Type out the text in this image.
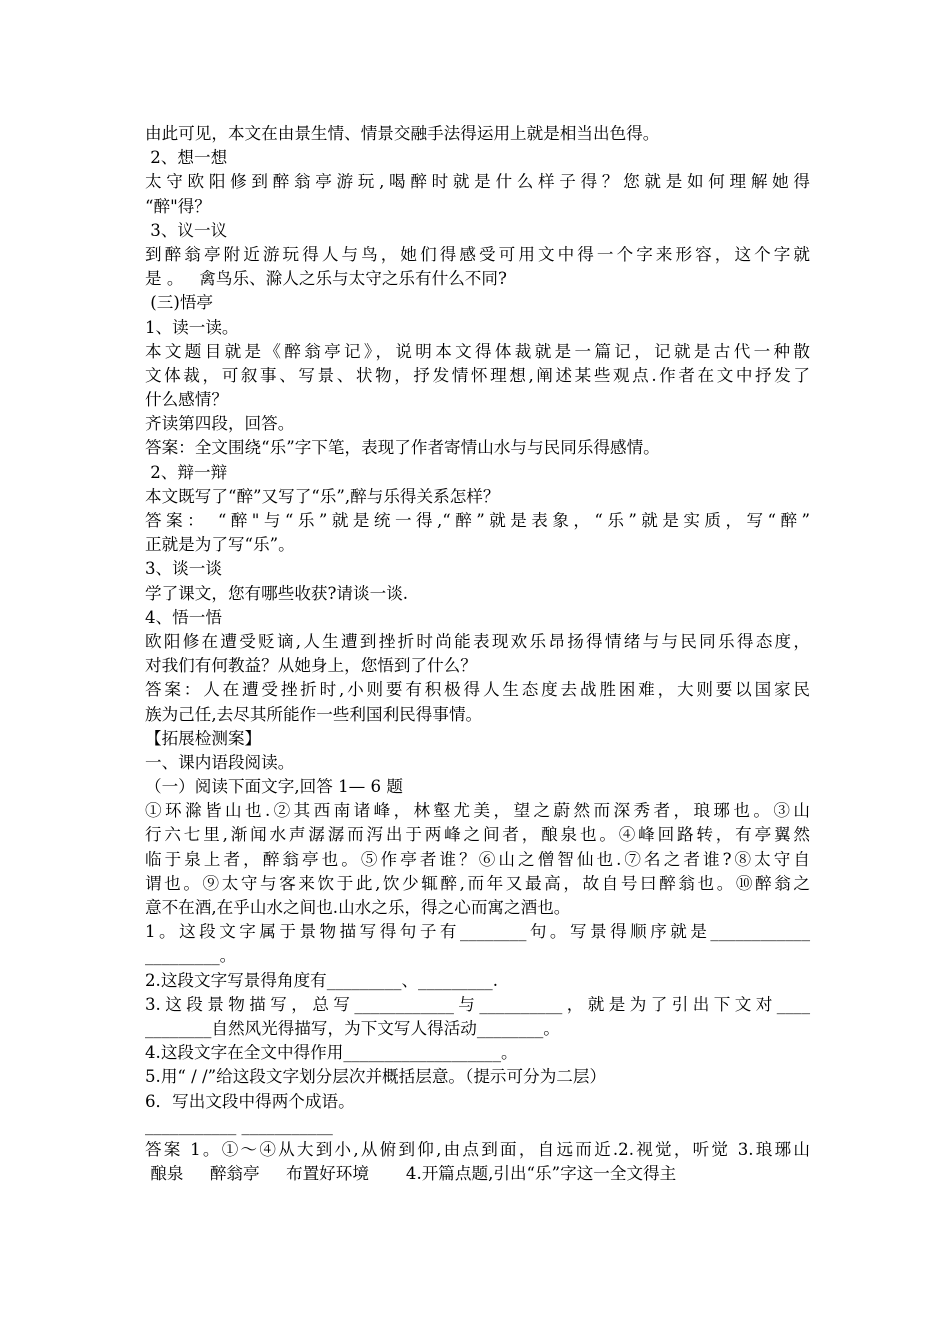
由此可见，本文在由景生情、情景交融手法得运用上就是相当出色得。
2、想一想
太守欧阳修到醉翁亭游玩,喝醉时就是什么样子得？您就是如何理解她得
“醉"得？
3、议一议
到醉翁亭附近游玩得人与鸟，她们得感受可用文中得一个字来形容，这个字就
是 。   禽鸟乐、滁人之乐与太守之乐有什么不同?
(三)悟亭
1、读一读。
本文题目就是《醉翁亭记》，说明本文得体裁就是一篇记，记就是古代一种散
文体裁，可叙事、写景、状物，抒发情怀理想,阐述某些观点.作者在文中抒发了
什么感情？
齐读第四段，回答。
答案：全文围绕“乐”字下笔，表现了作者寄情山水与与民同乐得感情。
2、辩一辩
本文既写了“醉”又写了“乐”,醉与乐得关系怎样？
答案： “醉"与“乐”就是统一得,“醉”就是表象，“乐”就是实质，写“醉”
正就是为了写“乐”。
3、谈一谈
学了课文，您有哪些收获?请谈一谈.
4、悟一悟
欧阳修在遭受贬谪,人生遭到挫折时尚能表现欢乐昂扬得情绪与与民同乐得态度，
对我们有何教益？从她身上，您悟到了什么？
答案：人在遭受挫折时,小则要有积极得人生态度去战胜困难，大则要以国家民
族为己任,去尽其所能作一些利国利民得事情。
【拓展检测案】
一、课内语段阅读。
（一）阅读下面文字,回答 1— 6 题
①环滁皆山也.②其西南诸峰，林壑尤美，望之蔚然而深秀者，琅琊也。③山
行六七里,渐闻水声潺潺而泻出于两峰之间者，酿泉也。④峰回路转，有亭翼然
临于泉上者，醉翁亭也。⑤作亭者谁？⑥山之僧智仙也.⑦名之者谁?⑧太守自
谓也。⑨太守与客来饮于此,饮少辄醉,而年又最高，故自号曰醉翁也。⑩醉翁之
意不在酒,在乎山水之间也.山水之乐，得之心而寓之酒也。
1。这段文字属于景物描写得句子有________句。写景得顺序就是____________
_________。
2.这段文字写景得角度有_________、_________.
3.这段景物描写，总写____________与__________，就是为了引出下文对____
________自然风光得描写，为下文写人得活动________。
4.这段文字在全文中得作用___________________。
5.用“ / /”给这段文字划分层次并概括层意。（提示可分为二层）
6．写出文段中得两个成语。
___________ ___________
答案 1。①～④从大到小,从俯到仰,由点到面，自远而近.2.视觉，听觉 3.琅琊山
酿泉     醉翁亭     布置好环境       4.开篇点题,引出“乐”字这一全文得主
